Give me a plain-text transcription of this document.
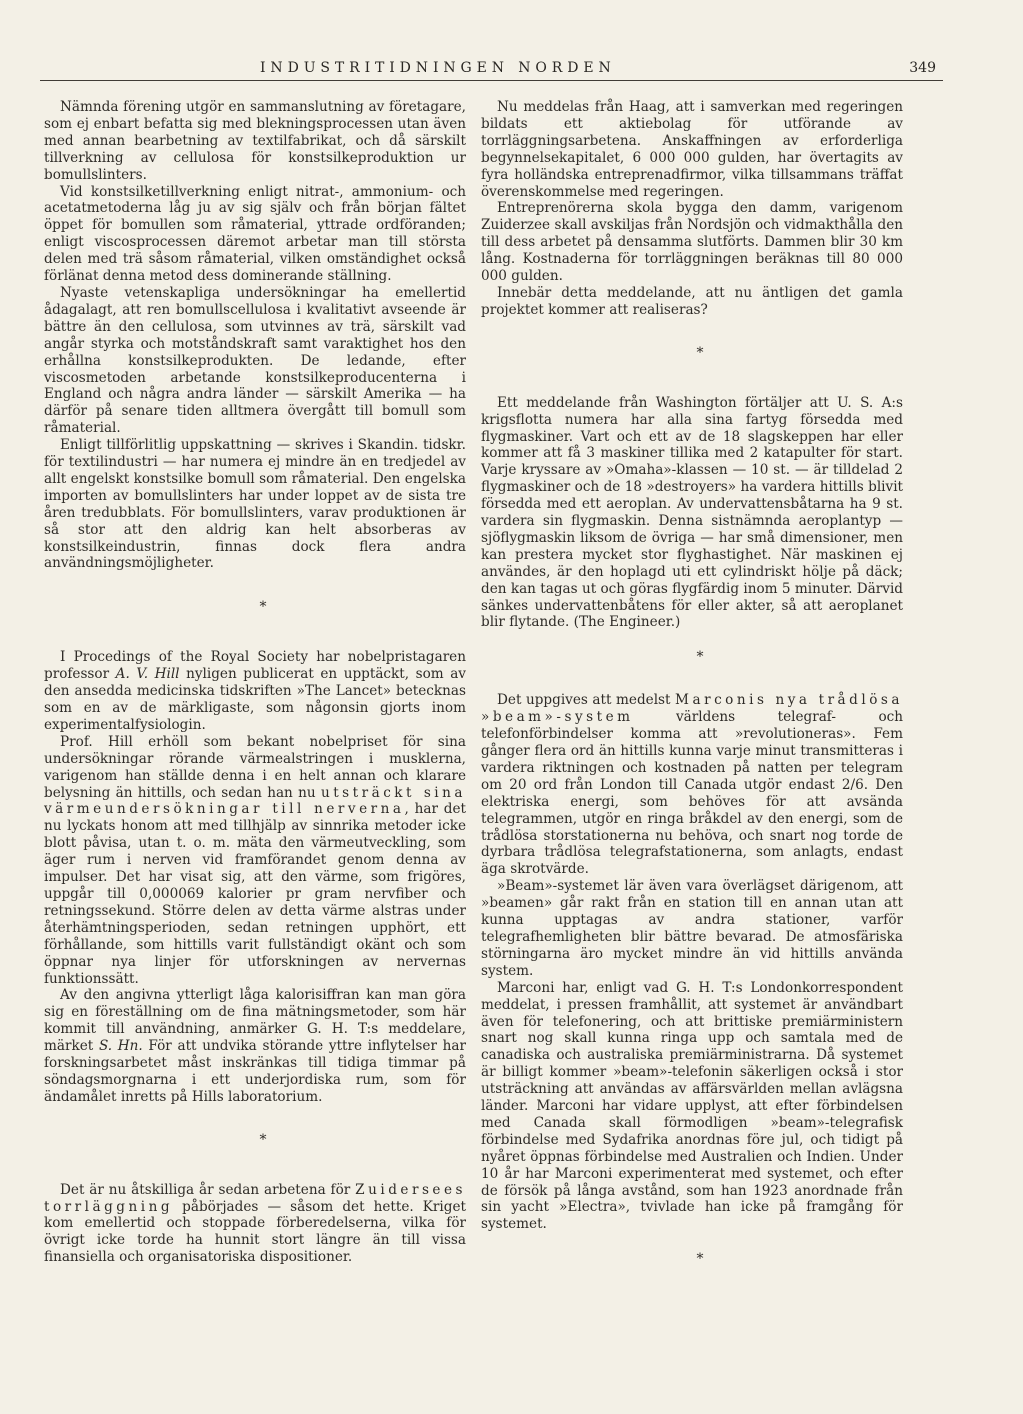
INDUSTRITIDNINGEN NORDEN	349

Nämnda förening utgör en sammanslutning av företagare, som ej enbart befatta sig med blekningsprocessen utan även med annan bearbetning av textilfabrikat, och då särskilt tillverkning av cellulosa för konstsilkeproduktion ur bomullslinters.

Vid konstsilketillverkning enligt nitrat-, ammonium- och acetatmetoderna låg ju av sig själv och från början fältet öppet för bomullen som råmaterial, yttrade ordföranden; enligt viscosprocessen däremot arbetar man till största delen med trä såsom råmaterial, vilken omständighet också förlänat denna metod dess dominerande ställning.

Nyaste vetenskapliga undersökningar ha emellertid ådagalagt, att ren bomullscellulosa i kvalitativt avseende är bättre än den cellulosa, som utvinnes av trä, särskilt vad angår styrka och motståndskraft samt varaktighet hos den erhållna konstsilkeprodukten. De ledande, efter viscosmetoden arbetande konstsilkeproducenterna i England och några andra länder — särskilt Amerika — ha därför på senare tiden alltmera övergått till bomull som råmaterial.

Enligt tillförlitlig uppskattning — skrives i Skandin. tidskr. för textilindustri — har numera ej mindre än en tredjedel av allt engelskt konstsilke bomull som råmaterial. Den engelska importen av bomullslinters har under loppet av de sista tre åren tredubblats. För bomullslinters, varav produktionen är så stor att den aldrig kan helt absorberas av konstsilkeindustrin, finnas dock flera andra användningsmöjligheter.

*

I Procedings of the Royal Society har nobelpristagaren professor A. V. Hill nyligen publicerat en upptäckt, som av den ansedda medicinska tidskriften »The Lancet» betecknas som en av de märkligaste, som någonsin gjorts inom experimentalfysiologin.

Prof. Hill erhöll som bekant nobelpriset för sina undersökningar rörande värmealstringen i musklerna, varigenom han ställde denna i en helt annan och klarare belysning än hittills, och sedan han nu utsträckt sina värmeundersökningar till nerverna, har det nu lyckats honom att med tillhjälp av sinnrika metoder icke blott påvisa, utan t. o. m. mäta den värmeutveckling, som äger rum i nerven vid framförandet genom denna av impulser. Det har visat sig, att den värme, som frigöres, uppgår till 0,000069 kalorier pr gram nervfiber och retningssekund. Större delen av detta värme alstras under återhämtningsperioden, sedan retningen upphört, ett förhållande, som hittills varit fullständigt okänt och som öppnar nya linjer för utforskningen av nervernas funktionssätt.

Av den angivna ytterligt låga kalorisiffran kan man göra sig en föreställning om de fina mätningsmetoder, som här kommit till användning, anmärker G. H. T:s meddelare, märket S. Hn. För att undvika störande yttre inflytelser har forskningsarbetet måst inskränkas till tidiga timmar på söndagsmorgnarna i ett underjordiska rum, som för ändamålet inretts på Hills laboratorium.

*

Det är nu åtskilliga år sedan arbetena för Zuidersees torrläggning påbörjades — såsom det hette. Kriget kom emellertid och stoppade förberedelserna, vilka för övrigt icke torde ha hunnit stort längre än till vissa finansiella och organisatoriska dispositioner.

Nu meddelas från Haag, att i samverkan med regeringen bildats ett aktiebolag för utförande av torrläggningsarbetena. Anskaffningen av erforderliga begynnelsekapitalet, 6 000 000 gulden, har övertagits av fyra holländska entreprenadfirmor, vilka tillsammans träffat överenskommelse med regeringen.

Entreprenörerna skola bygga den damm, varigenom Zuiderzee skall avskiljas från Nordsjön och vidmakthålla den till dess arbetet på densamma slutförts. Dammen blir 30 km lång. Kostnaderna för torrläggningen beräknas till 80 000 000 gulden.

Innebär detta meddelande, att nu äntligen det gamla projektet kommer att realiseras?

*

Ett meddelande från Washington förtäljer att U. S. A:s krigsflotta numera har alla sina fartyg försedda med flygmaskiner. Vart och ett av de 18 slagskeppen har eller kommer att få 3 maskiner tillika med 2 katapulter för start. Varje kryssare av »Omaha»-klassen — 10 st. — är tilldelad 2 flygmaskiner och de 18 »destroyers» ha vardera hittills blivit försedda med ett aeroplan. Av undervattensbåtarna ha 9 st. vardera sin flygmaskin. Denna sistnämnda aeroplantyp — sjöflygmaskin liksom de övriga — har små dimensioner, men kan prestera mycket stor flyghastighet. När maskinen ej användes, är den hoplagd uti ett cylindriskt hölje på däck; den kan tagas ut och göras flygfärdig inom 5 minuter. Därvid sänkes undervattenbåtens för eller akter, så att aeroplanet blir flytande. (The Engineer.)

*

Det uppgives att medelst Marconis nya trådlösa »beam»-system världens telegraf- och telefonförbindelser komma att »revolutioneras». Fem gånger flera ord än hittills kunna varje minut transmitteras i vardera riktningen och kostnaden på natten per telegram om 20 ord från London till Canada utgör endast 2/6. Den elektriska energi, som behöves för att avsända telegrammen, utgör en ringa bråkdel av den energi, som de trådlösa storstationerna nu behöva, och snart nog torde de dyrbara trådlösa telegrafstationerna, som anlagts, endast äga skrotvärde.

»Beam»-systemet lär även vara överlägset därigenom, att »beamen» går rakt från en station till en annan utan att kunna upptagas av andra stationer, varför telegrafhemligheten blir bättre bevarad. De atmosfäriska störningarna äro mycket mindre än vid hittills använda system.

Marconi har, enligt vad G. H. T:s Londonkorrespondent meddelat, i pressen framhållit, att systemet är användbart även för telefonering, och att brittiske premiärministern snart nog skall kunna ringa upp och samtala med de canadiska och australiska premiärministrarna. Då systemet är billigt kommer »beam»-telefonin säkerligen också i stor utsträckning att användas av affärsvärlden mellan avlägsna länder. Marconi har vidare upplyst, att efter förbindelsen med Canada skall förmodligen »beam»-telegrafisk förbindelse med Sydafrika anordnas före jul, och tidigt på nyåret öppnas förbindelse med Australien och Indien. Under 10 år har Marconi experimenterat med systemet, och efter de försök på långa avstånd, som han 1923 anordnade från sin yacht »Electra», tvivlade han icke på framgång för systemet.

*
